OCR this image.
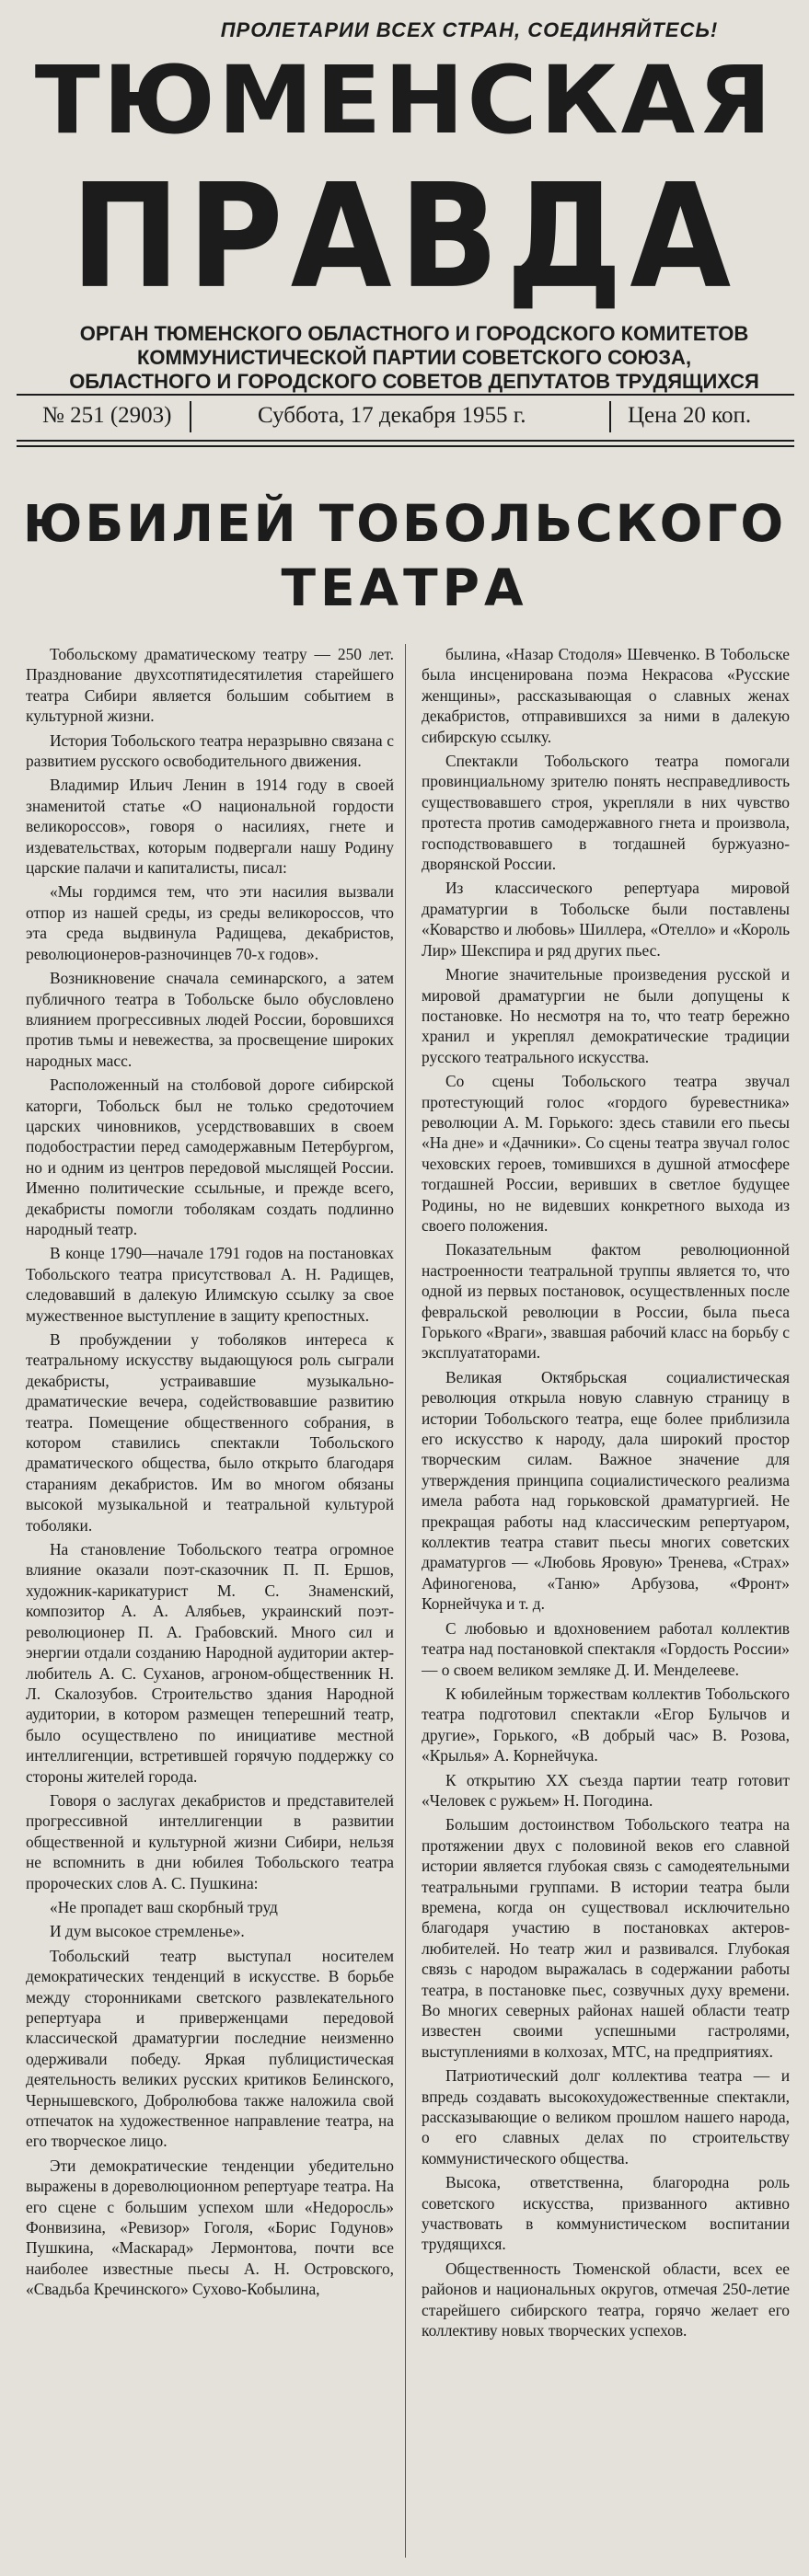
ПРОЛЕТАРИИ ВСЕХ СТРАН, СОЕДИНЯЙТЕСЬ!
ТЮМЕНСКАЯ
ПРАВДА
ОРГАН ТЮМЕНСКОГО ОБЛАСТНОГО И ГОРОДСКОГО КОМИТЕТОВ
КОММУНИСТИЧЕСКОЙ ПАРТИИ СОВЕТСКОГО СОЮЗА,
ОБЛАСТНОГО И ГОРОДСКОГО СОВЕТОВ ДЕПУТАТОВ ТРУДЯЩИХСЯ
№ 251 (2903)	Суббота, 17 декабря 1955 г.	Цена 20 коп.
ЮБИЛЕЙ ТОБОЛЬСКОГО
ТЕАТРА

Тобольскому драматическому театру — 250 лет. Празднование двухсотпятидесятилетия старейшего театра Сибири является большим событием в культурной жизни.

История Тобольского театра неразрывно связана с развитием русского освободительного движения.

Владимир Ильич Ленин в 1914 году в своей знаменитой статье «О национальной гордости великороссов», говоря о насилиях, гнете и издевательствах, которым подвергали нашу Родину царские палачи и капиталисты, писал:

«Мы гордимся тем, что эти насилия вызвали отпор из нашей среды, из среды великороссов, что эта среда выдвинула Радищева, декабристов, революционеров-разночинцев 70-х годов».

Возникновение сначала семинарского, а затем публичного театра в Тобольске было обусловлено влиянием прогрессивных людей России, боровшихся против тьмы и невежества, за просвещение широких народных масс.

Расположенный на столбовой дороге сибирской каторги, Тобольск был не только средоточием царских чиновников, усердствовавших в своем подобострастии перед самодержавным Петербургом, но и одним из центров передовой мыслящей России. Именно политические ссыльные, и прежде всего, декабристы помогли тоболякам создать подлинно народный театр.

В конце 1790—начале 1791 годов на постановках Тобольского театра присутствовал А. Н. Радищев, следовавший в далекую Илимскую ссылку за свое мужественное выступление в защиту крепостных.

В пробуждении у тоболяков интереса к театральному искусству выдающуюся роль сыграли декабристы, устраивавшие музыкально-драматические вечера, содействовавшие развитию театра. Помещение общественного собрания, в котором ставились спектакли Тобольского драматического общества, было открыто благодаря стараниям декабристов. Им во многом обязаны высокой музыкальной и театральной культурой тоболяки.

На становление Тобольского театра огромное влияние оказали поэт-сказочник П. П. Ершов, художник-карикатурист М. С. Знаменский, композитор А. А. Алябьев, украинский поэт-революционер П. А. Грабовский. Много сил и энергии отдали созданию Народной аудитории актер-любитель А. С. Суханов, агроном-общественник Н. Л. Скалозубов. Строительство здания Народной аудитории, в котором размещен теперешний театр, было осуществлено по инициативе местной интеллигенции, встретившей горячую поддержку со стороны жителей города.

Говоря о заслугах декабристов и представителей прогрессивной интеллигенции в развитии общественной и культурной жизни Сибири, нельзя не вспомнить в дни юбилея Тобольского театра пророческих слов А. С. Пушкина:

«Не пропадет ваш скорбный труд

И дум высокое стремленье».

Тобольский театр выступал носителем демократических тенденций в искусстве. В борьбе между сторонниками светского развлекательного репертуара и приверженцами передовой классической драматургии последние неизменно одерживали победу. Яркая публицистическая деятельность великих русских критиков Белинского, Чернышевского, Добролюбова также наложила свой отпечаток на художественное направление театра, на его творческое лицо.

Эти демократические тенденции убедительно выражены в дореволюционном репертуаре театра. На его сцене с большим успехом шли «Недоросль» Фонвизина, «Ревизор» Гоголя, «Борис Годунов» Пушкина, «Маскарад» Лермонтова, почти все наиболее известные пьесы А. Н. Островского, «Свадьба Кречинского» Сухово-Кобылина,

былина, «Назар Стодоля» Шевченко. В Тобольске была инсценирована поэма Некрасова «Русские женщины», рассказывающая о славных женах декабристов, отправившихся за ними в далекую сибирскую ссылку.

Спектакли Тобольского театра помогали провинциальному зрителю понять несправедливость существовавшего строя, укрепляли в них чувство протеста против самодержавного гнета и произвола, господствовавшего в тогдашней буржуазно-дворянской России.

Из классического репертуара мировой драматургии в Тобольске были поставлены «Коварство и любовь» Шиллера, «Отелло» и «Король Лир» Шекспира и ряд других пьес.

Многие значительные произведения русской и мировой драматургии не были допущены к постановке. Но несмотря на то, что театр бережно хранил и укреплял демократические традиции русского театрального искусства.

Со сцены Тобольского театра звучал протестующий голос «гордого буревестника» революции А. М. Горького: здесь ставили его пьесы «На дне» и «Дачники». Со сцены театра звучал голос чеховских героев, томившихся в душной атмосфере тогдашней России, веривших в светлое будущее Родины, но не видевших конкретного выхода из своего положения.

Показательным фактом революционной настроенности театральной труппы является то, что одной из первых постановок, осуществленных после февральской революции в России, была пьеса Горького «Враги», звавшая рабочий класс на борьбу с эксплуататорами.

Великая Октябрьская социалистическая революция открыла новую славную страницу в истории Тобольского театра, еще более приблизила его искусство к народу, дала широкий простор творческим силам. Важное значение для утверждения принципа социалистического реализма имела работа над горьковской драматургией. Не прекращая работы над классическим репертуаром, коллектив театра ставит пьесы многих советских драматургов — «Любовь Яровую» Тренева, «Страх» Афиногенова, «Таню» Арбузова, «Фронт» Корнейчука и т. д.

С любовью и вдохновением работал коллектив театра над постановкой спектакля «Гордость России» — о своем великом земляке Д. И. Менделееве.

К юбилейным торжествам коллектив Тобольского театра подготовил спектакли «Егор Булычов и другие», Горького, «В добрый час» В. Розова, «Крылья» А. Корнейчука.

К открытию XX съезда партии театр готовит «Человек с ружьем» Н. Погодина.

Большим достоинством Тобольского театра на протяжении двух с половиной веков его славной истории является глубокая связь с самодеятельными театральными группами. В истории театра были времена, когда он существовал исключительно благодаря участию в постановках актеров-любителей. Но театр жил и развивался. Глубокая связь с народом выражалась в содержании работы театра, в постановке пьес, созвучных духу времени. Во многих северных районах нашей области театр известен своими успешными гастролями, выступлениями в колхозах, МТС, на предприятиях.

Патриотический долг коллектива театра — и впредь создавать высокохудожественные спектакли, рассказывающие о великом прошлом нашего народа, о его славных делах по строительству коммунистического общества.

Высока, ответственна, благородна роль советского искусства, призванного активно участвовать в коммунистическом воспитании трудящихся.

Общественность Тюменской области, всех ее районов и национальных округов, отмечая 250-летие старейшего сибирского театра, горячо желает его коллективу новых творческих успехов.
